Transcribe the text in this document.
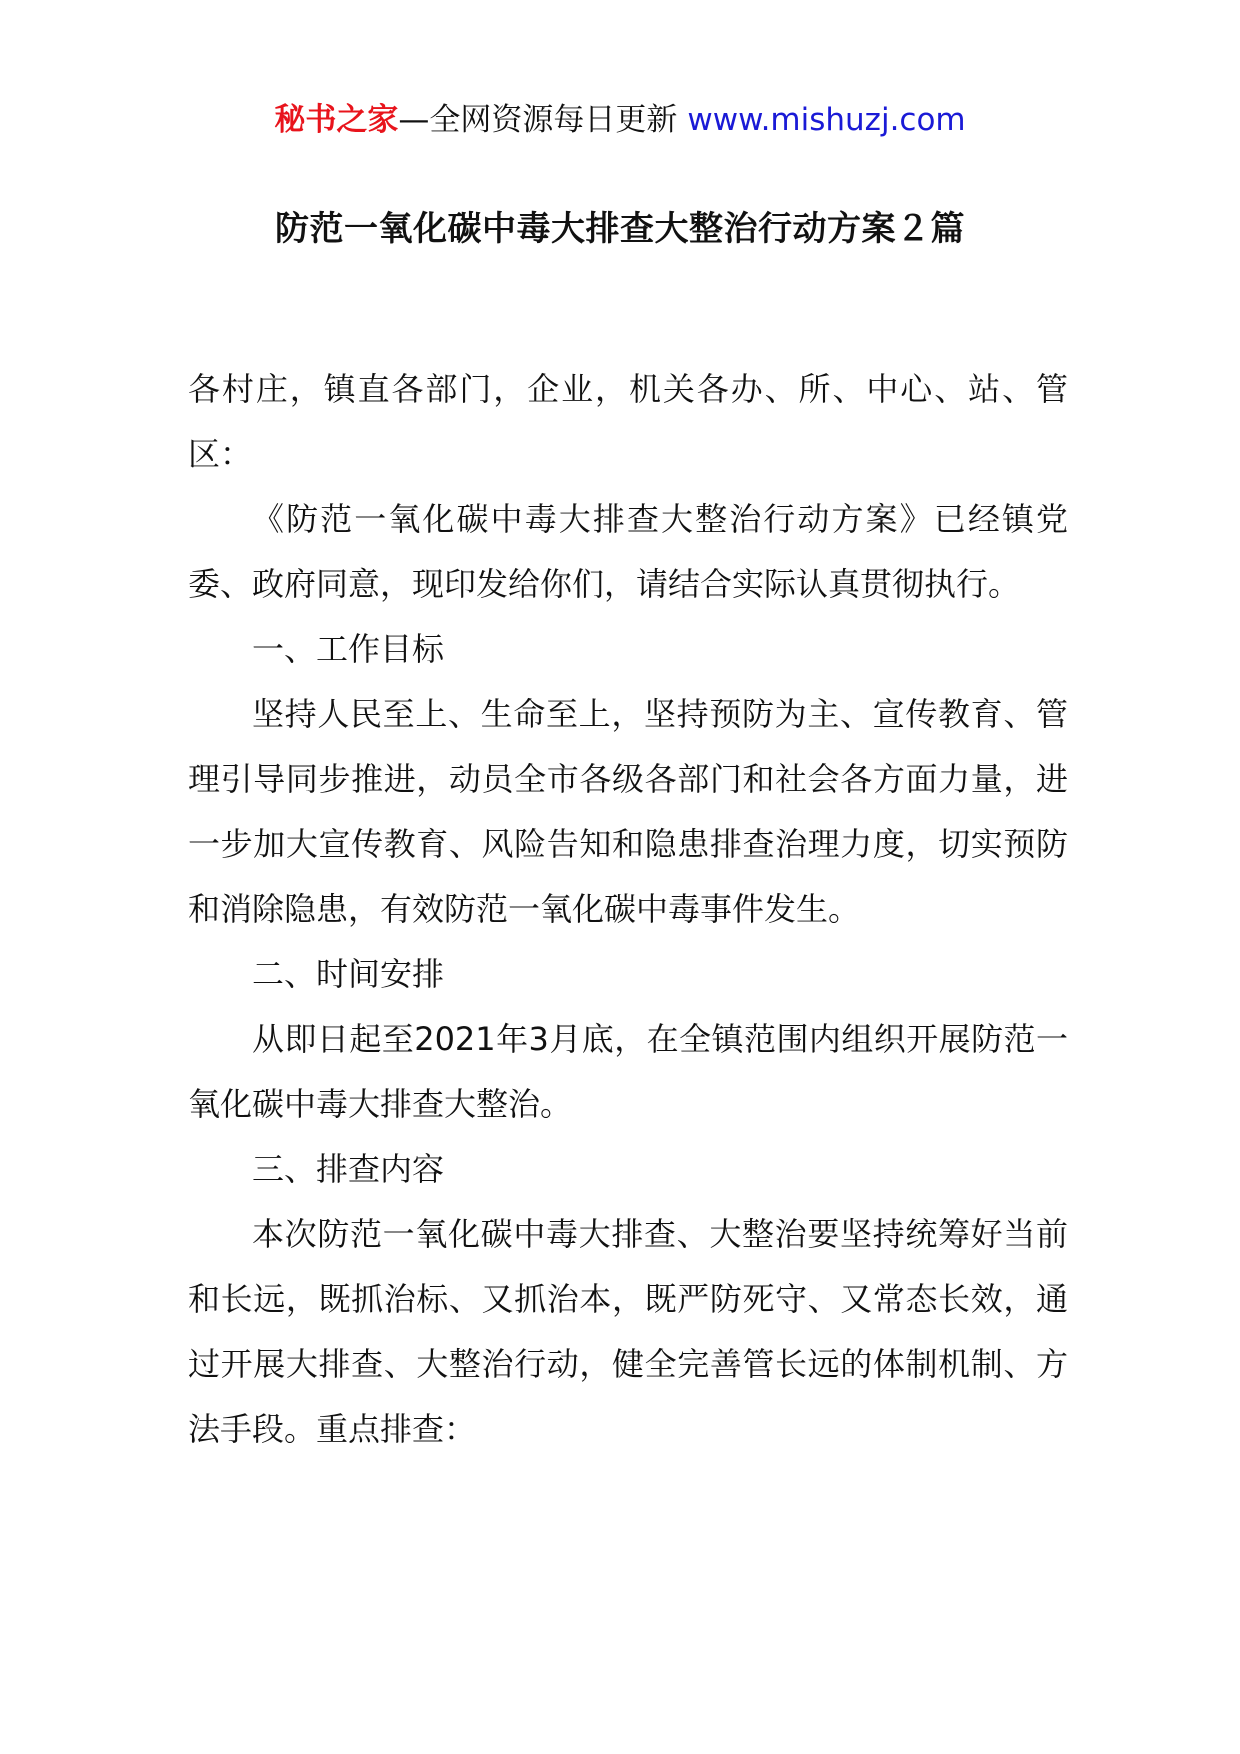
秘书之家—全网资源每日更新 www.mishuzj.com
防范一氧化碳中毒大排查大整治行动方案２篇

各村庄，镇直各部门，企业，机关各办、所、中心、站、管区：

《防范一氧化碳中毒大排查大整治行动方案》已经镇党委、政府同意，现印发给你们，请结合实际认真贯彻执行。

一、工作目标

坚持人民至上、生命至上，坚持预防为主、宣传教育、管理引导同步推进，动员全市各级各部门和社会各方面力量，进一步加大宣传教育、风险告知和隐患排查治理力度，切实预防和消除隐患，有效防范一氧化碳中毒事件发生。

二、时间安排

从即日起至2021年3月底，在全镇范围内组织开展防范一氧化碳中毒大排查大整治。

三、排查内容

本次防范一氧化碳中毒大排查、大整治要坚持统筹好当前和长远，既抓治标、又抓治本，既严防死守、又常态长效，通过开展大排查、大整治行动，健全完善管长远的体制机制、方法手段。重点排查：
